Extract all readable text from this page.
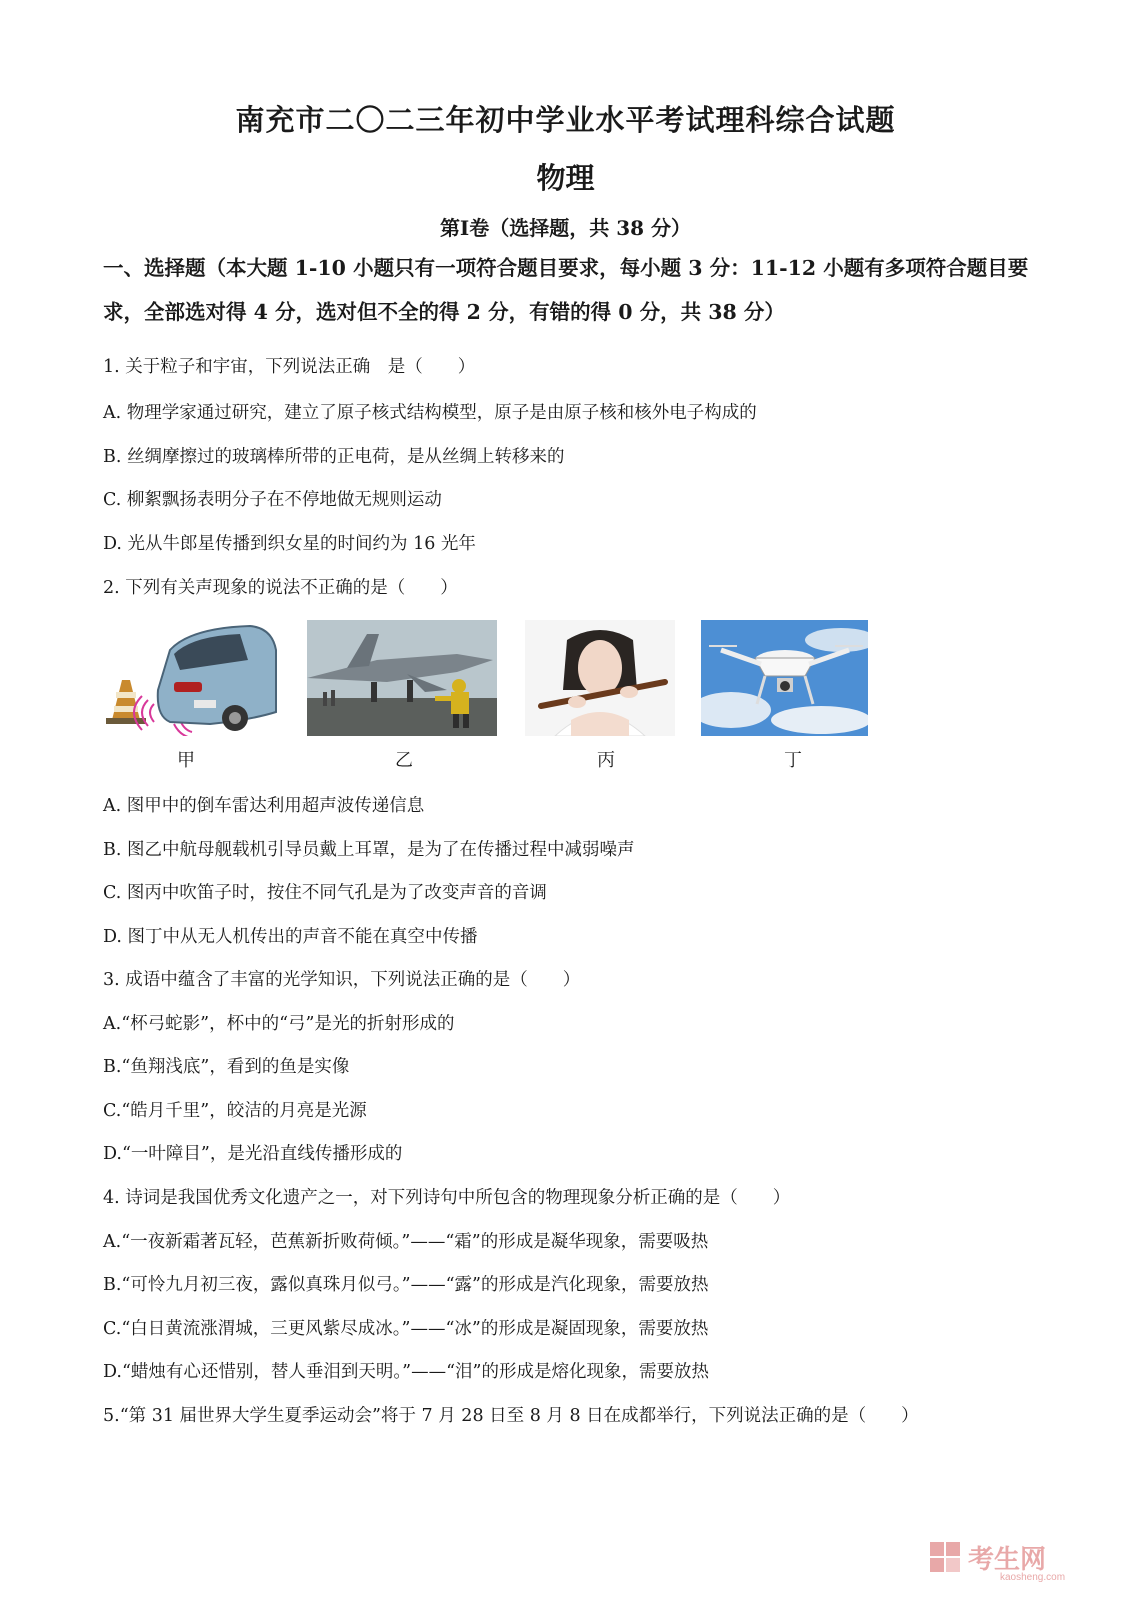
南充市二〇二三年初中学业水平考试理科综合试题
物理
第Ⅰ卷（选择题，共 38 分）
一、选择题（本大题 1-10 小题只有一项符合题目要求，每小题 3 分：11-12 小题有多项符合题目要求，全部选对得 4 分，选对但不全的得 2 分，有错的得 0 分，共 38 分）
1. 关于粒子和宇宙，下列说法正确　是（　　）
A. 物理学家通过研究，建立了原子核式结构模型，原子是由原子核和核外电子构成的
B. 丝绸摩擦过的玻璃棒所带的正电荷，是从丝绸上转移来的
C. 柳絮飘扬表明分子在不停地做无规则运动
D. 光从牛郎星传播到织女星的时间约为 16 光年
2. 下列有关声现象的说法不正确的是（　　）
甲	乙	丙	丁
A. 图甲中的倒车雷达利用超声波传递信息
B. 图乙中航母舰载机引导员戴上耳罩，是为了在传播过程中减弱噪声
C. 图丙中吹笛子时，按住不同气孔是为了改变声音的音调
D. 图丁中从无人机传出的声音不能在真空中传播
3. 成语中蕴含了丰富的光学知识，下列说法正确的是（　　）
A.“杯弓蛇影”，杯中的“弓”是光的折射形成的
B.“鱼翔浅底”，看到的鱼是实像
C.“皓月千里”，皎洁的月亮是光源
D.“一叶障目”，是光沿直线传播形成的
4. 诗词是我国优秀文化遗产之一，对下列诗句中所包含的物理现象分析正确的是（　　）
A.“一夜新霜著瓦轻，芭蕉新折败荷倾。”——“霜”的形成是凝华现象，需要吸热
B.“可怜九月初三夜，露似真珠月似弓。”——“露”的形成是汽化现象，需要放热
C.“白日黄流涨渭城，三更风紫尽成冰。”——“冰”的形成是凝固现象，需要放热
D.“蜡烛有心还惜别，替人垂泪到天明。”——“泪”的形成是熔化现象，需要放热
5.“第 31 届世界大学生夏季运动会”将于 7 月 28 日至 8 月 8 日在成都举行，下列说法正确的是（　　）
考生网
kaosheng.com
